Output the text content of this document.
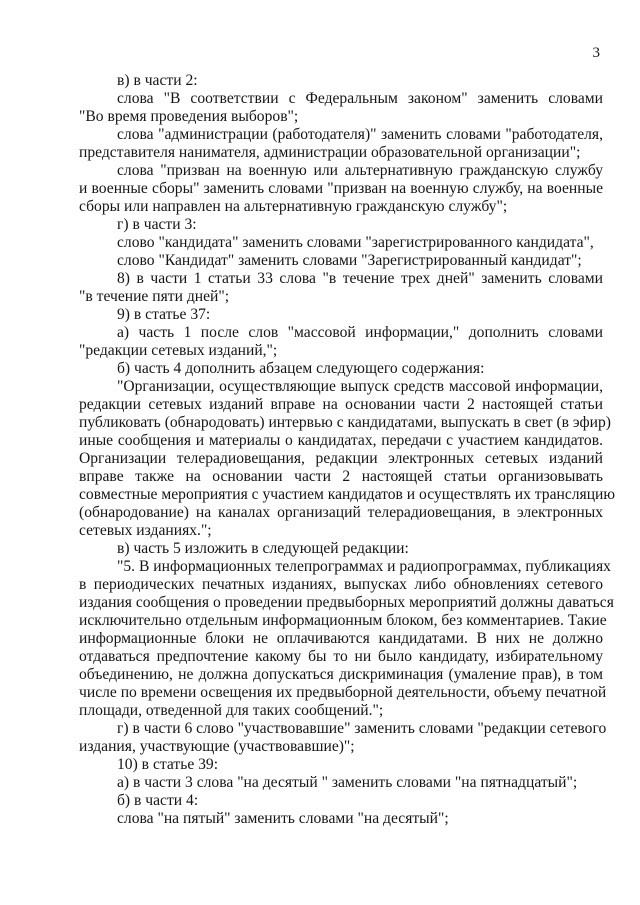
3
в) в части 2:
слова "В соответствии с Федеральным законом" заменить словами
"Во время проведения выборов";
слова "администрации (работодателя)" заменить словами "работодателя,
представителя нанимателя, администрации образовательной организации";
слова "призван на военную или альтернативную гражданскую службу
и военные сборы" заменить словами "призван на военную службу, на военные
сборы или направлен на альтернативную гражданскую службу";
г) в части 3:
слово "кандидата" заменить словами "зарегистрированного кандидата",
слово "Кандидат" заменить словами "Зарегистрированный кандидат";
8) в части 1 статьи 33 слова "в течение трех дней" заменить словами
"в течение пяти дней";
9) в статье 37:
а) часть 1 после слов "массовой информации," дополнить словами
"редакции сетевых изданий,";
б) часть 4 дополнить абзацем следующего содержания:
"Организации, осуществляющие выпуск средств массовой информации,
редакции сетевых изданий вправе на основании части 2 настоящей статьи
публиковать (обнародовать) интервью с кандидатами, выпускать в свет (в эфир)
иные сообщения и материалы о кандидатах, передачи с участием кандидатов.
Организации телерадиовещания, редакции электронных сетевых изданий
вправе также на основании части 2 настоящей статьи организовывать
совместные мероприятия с участием кандидатов и осуществлять их трансляцию
(обнародование) на каналах организаций телерадиовещания, в электронных
сетевых изданиях.";
в) часть 5 изложить в следующей редакции:
"5. В информационных телепрограммах и радиопрограммах, публикациях
в периодических печатных изданиях, выпусках либо обновлениях сетевого
издания сообщения о проведении предвыборных мероприятий должны даваться
исключительно отдельным информационным блоком, без комментариев. Такие
информационные блоки не оплачиваются кандидатами. В них не должно
отдаваться предпочтение какому бы то ни было кандидату, избирательному
объединению, не должна допускаться дискриминация (умаление прав), в том
числе по времени освещения их предвыборной деятельности, объему печатной
площади, отведенной для таких сообщений.";
г) в части 6 слово "участвовавшие" заменить словами "редакции сетевого
издания, участвующие (участвовавшие)";
10) в статье 39:
а) в части 3 слова "на десятый " заменить словами "на пятнадцатый";
б) в части 4:
слова "на пятый" заменить словами "на десятый";
